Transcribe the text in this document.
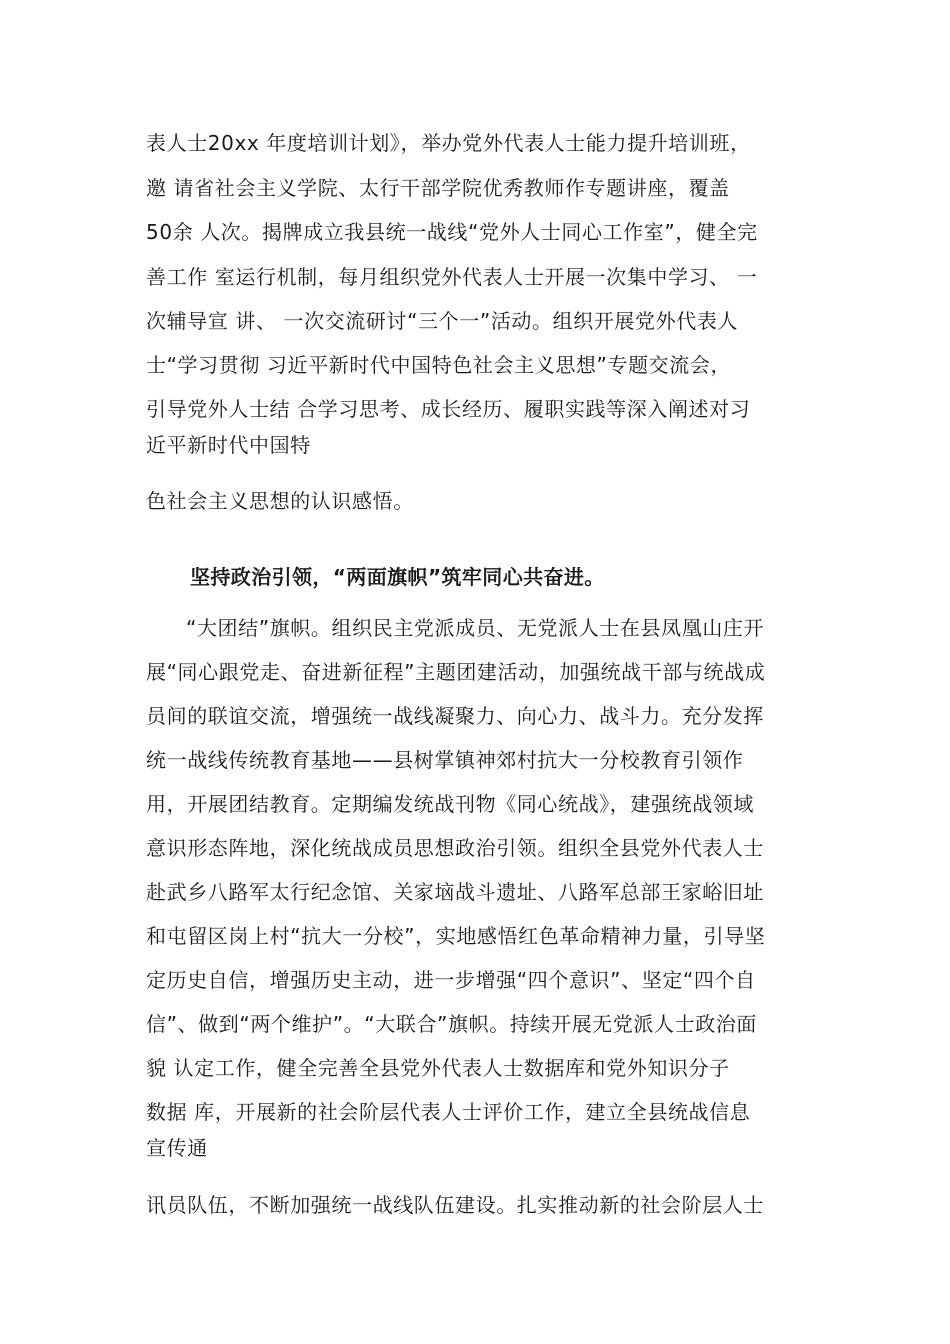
表人士20xx 年度培训计划》，举办党外代表人士能力提升培训班，
邀 请省社会主义学院、太行干部学院优秀教师作专题讲座，覆盖
50余 人次。揭牌成立我县统一战线“党外人士同心工作室”，健全完
善工作 室运行机制，每月组织党外代表人士开展一次集中学习、 一
次辅导宣 讲、 一次交流研讨“三个一”活动。组织开展党外代表人
士“学习贯彻 习近平新时代中国特色社会主义思想”专题交流会，
引导党外人士结 合学习思考、成长经历、履职实践等深入阐述对习
近平新时代中国特
色社会主义思想的认识感悟。
坚持政治引领，“两面旗帜”筑牢同心共奋进。
“大团结”旗帜。组织民主党派成员、无党派人士在县凤凰山庄开
展“同心跟党走、奋进新征程”主题团建活动，加强统战干部与统战成
员间的联谊交流，增强统一战线凝聚力、向心力、战斗力。充分发挥
统一战线传统教育基地——县树掌镇神郊村抗大一分校教育引领作
用，开展团结教育。定期编发统战刊物《同心统战》，建强统战领域
意识形态阵地，深化统战成员思想政治引领。组织全县党外代表人士
赴武乡八路军太行纪念馆、关家垴战斗遗址、八路军总部王家峪旧址
和屯留区岗上村“抗大一分校”，实地感悟红色革命精神力量，引导坚
定历史自信，增强历史主动，进一步增强“四个意识”、坚定“四个自
信”、做到“两个维护”。“大联合”旗帜。持续开展无党派人士政治面
貌 认定工作，健全完善全县党外代表人士数据库和党外知识分子
数据 库，开展新的社会阶层代表人士评价工作，建立全县统战信息
宣传通
讯员队伍，不断加强统一战线队伍建设。扎实推动新的社会阶层人士
